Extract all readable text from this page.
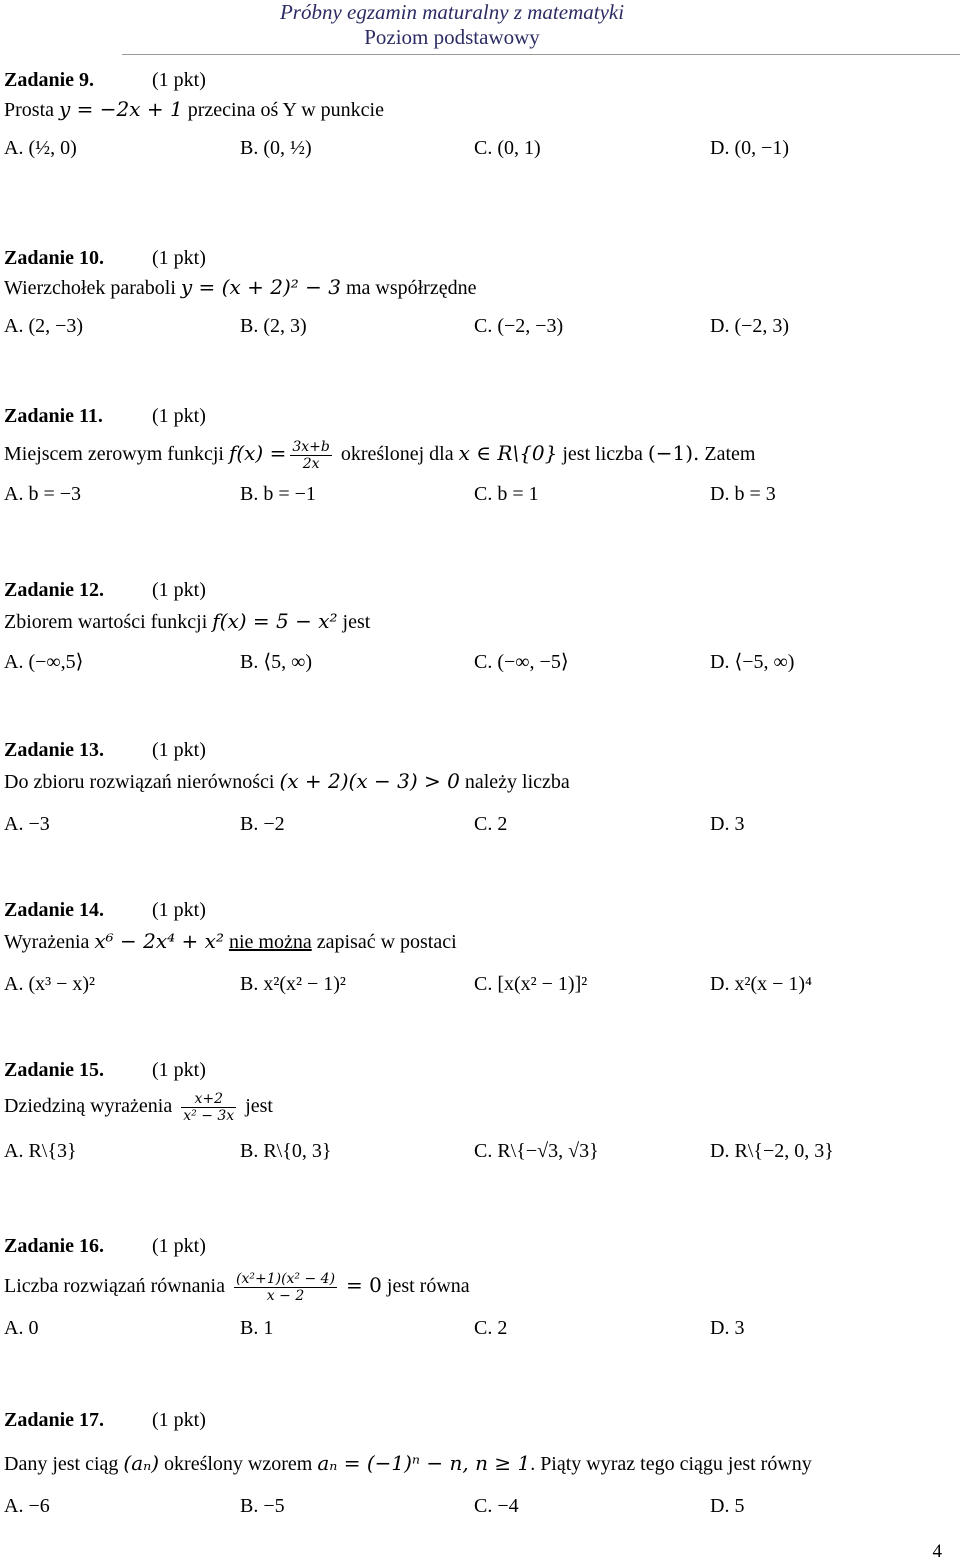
Próbny egzamin maturalny z matematyki
Poziom podstawowy
Zadanie 9.	(1 pkt)
Prosta y = −2x + 1 przecina oś Y w punkcie
A. (½, 0)	B. (0, ½)	C. (0, 1)	D. (0, −1)
Zadanie 10. (1 pkt)
Wierzchołek paraboli y = (x + 2)² − 3 ma współrzędne
A. (2, −3)	B. (2, 3)	C. (−2, −3)	D. (−2, 3)
Zadanie 11. (1 pkt)
Miejscem zerowym funkcji $f(x) = \frac{3x+b}{2x}$ określonej dla x ∈ R\{0} jest liczba (−1). Zatem
A. b = −3	B. b = −1	C. b = 1	D. b = 3
Zadanie 12. (1 pkt)
Zbiorem wartości funkcji f(x) = 5 − x² jest
A. (−∞,5⟩	B. ⟨5, ∞)	C. (−∞, −5⟩	D. ⟨−5, ∞)
Zadanie 13. (1 pkt)
Do zbioru rozwiązań nierówności (x + 2)(x − 3) > 0 należy liczba
A. −3	B. −2	C. 2	D. 3
Zadanie 14. (1 pkt)
Wyrażenia x⁶ − 2x⁴ + x² nie można zapisać w postaci
A. (x³ − x)²	B. x²(x² − 1)²	C. [x(x² − 1)]²	D. x²(x − 1)⁴
Zadanie 15. (1 pkt)
Dziedziną wyrażenia $\frac{x+2}{\text{x² − 3x}}$ jest
A. R\{3}	B. R\{0, 3}	C. R\{−√3, √3}	D. R\{−2, 0, 3}
Zadanie 16. (1 pkt)
Liczba rozwiązań równania $\frac{\text{(x²+1)(x² − 4)}}{x - 2} = 0$ jest równa
A. 0	B. 1	C. 2	D. 3
Zadanie 17. (1 pkt)
Dany jest ciąg (aₙ) określony wzorem aₙ = (−1)ⁿ − n, n ≥ 1. Piąty wyraz tego ciągu jest równy
A. −6	B. −5	C. −4	D. 5
4
